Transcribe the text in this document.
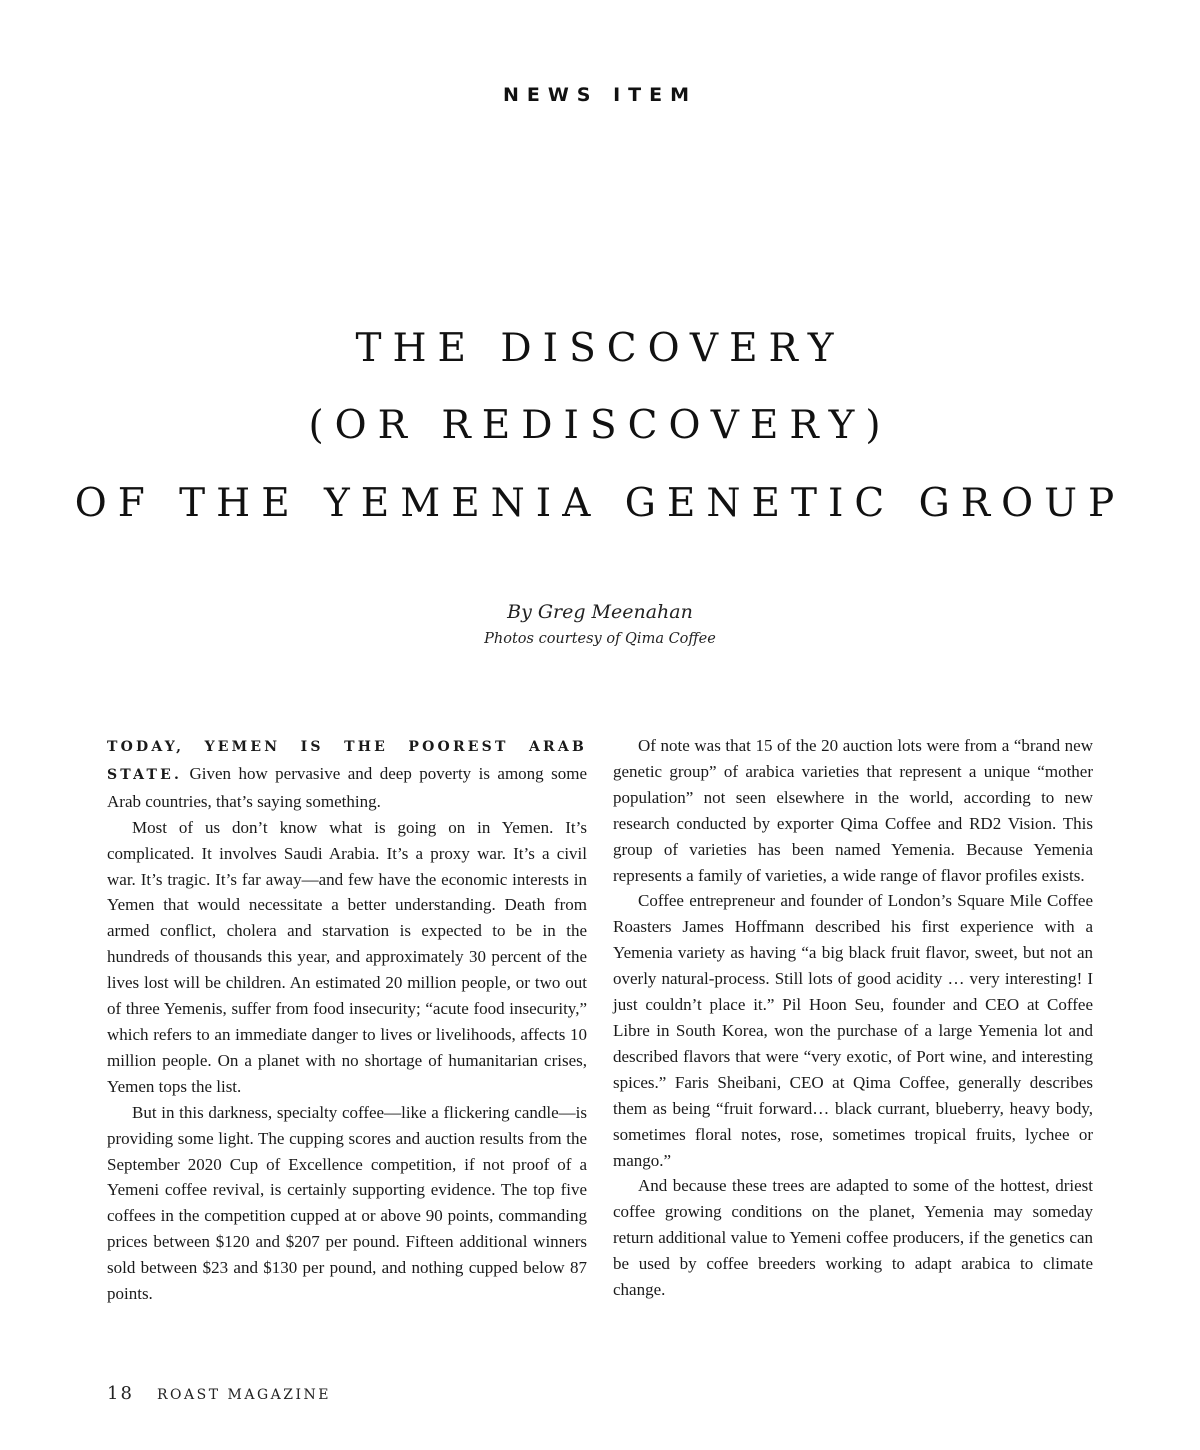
NEWS ITEM
THE DISCOVERY
(OR REDISCOVERY)
OF THE YEMENIA GENETIC GROUP
By Greg Meenahan
Photos courtesy of Qima Coffee

TODAY, YEMEN IS THE POOREST ARAB STATE. Given how pervasive and deep poverty is among some Arab countries, that’s saying something.

Most of us don’t know what is going on in Yemen. It’s complicated. It involves Saudi Arabia. It’s a proxy war. It’s a civil war. It’s tragic. It’s far away—and few have the economic interests in Yemen that would necessitate a better understanding. Death from armed conflict, cholera and starvation is expected to be in the hundreds of thousands this year, and approximately 30 percent of the lives lost will be children. An estimated 20 million people, or two out of three Yemenis, suffer from food insecurity; “acute food insecurity,” which refers to an immediate danger to lives or livelihoods, affects 10 million people. On a planet with no shortage of humanitarian crises, Yemen tops the list.

But in this darkness, specialty coffee—like a flickering candle—is providing some light. The cupping scores and auction results from the September 2020 Cup of Excellence competition, if not proof of a Yemeni coffee revival, is certainly supporting evidence. The top five coffees in the competition cupped at or above 90 points, commanding prices between $120 and $207 per pound. Fifteen additional winners sold between $23 and $130 per pound, and nothing cupped below 87 points.

Of note was that 15 of the 20 auction lots were from a “brand new genetic group” of arabica varieties that represent a unique “mother population” not seen elsewhere in the world, according to new research conducted by exporter Qima Coffee and RD2 Vision. This group of varieties has been named Yemenia. Because Yemenia represents a family of varieties, a wide range of flavor profiles exists.

Coffee entrepreneur and founder of London’s Square Mile Coffee Roasters James Hoffmann described his first experience with a Yemenia variety as having “a big black fruit flavor, sweet, but not an overly natural-process. Still lots of good acidity … very interesting! I just couldn’t place it.” Pil Hoon Seu, founder and CEO at Coffee Libre in South Korea, won the purchase of a large Yemenia lot and described flavors that were “very exotic, of Port wine, and interesting spices.” Faris Sheibani, CEO at Qima Coffee, generally describes them as being “fruit forward… black currant, blueberry, heavy body, sometimes floral notes, rose, sometimes tropical fruits, lychee or mango.”

And because these trees are adapted to some of the hottest, driest coffee growing conditions on the planet, Yemenia may someday return additional value to Yemeni coffee producers, if the genetics can be used by coffee breeders working to adapt arabica to climate change.

18 ROAST MAGAZINE
